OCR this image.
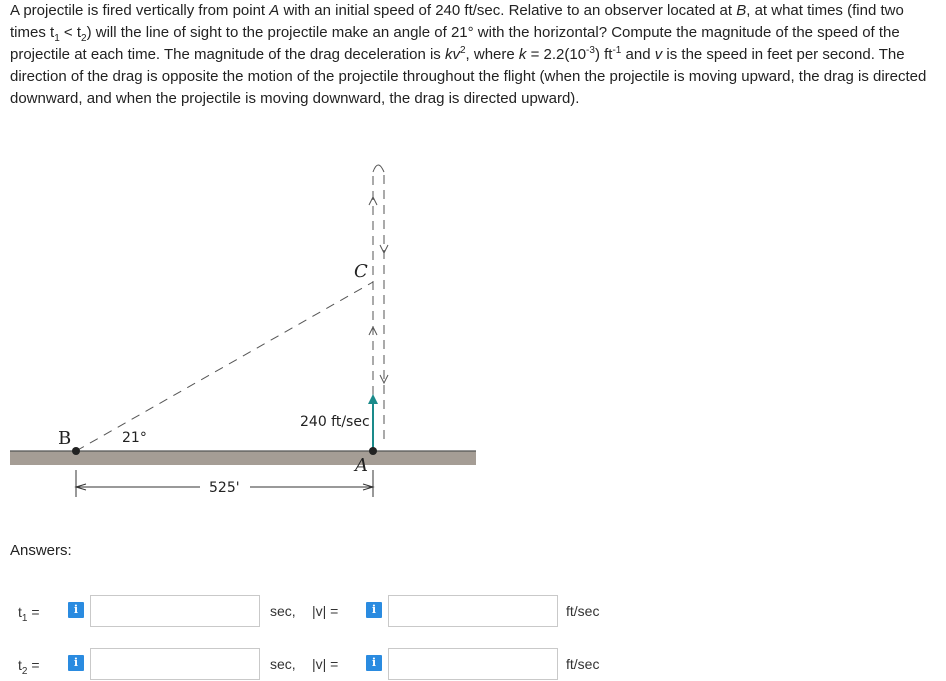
A projectile is fired vertically from point A with an initial speed of 240 ft/sec. Relative to an observer located at B, at what times (find two times $t_1 < t_2$) will the line of sight to the projectile make an angle of 21° with the horizontal? Compute the magnitude of the speed of the projectile at each time. The magnitude of the drag deceleration is $kv^2$, where $k = 2.2(10^{-3})$ $ft^{-1}$ and v is the speed in feet per second. The direction of the drag is opposite the motion of the projectile throughout the flight (when the projectile is moving upward, the drag is directed downward, and when the projectile is moving downward, the drag is directed upward).

B
A
C
21°
240 ft/sec
525'
Answers:
$t_1$ =	i	sec, |v| =	i	ft/sec
$t_2$ =	i	sec, |v| =	i	ft/sec
